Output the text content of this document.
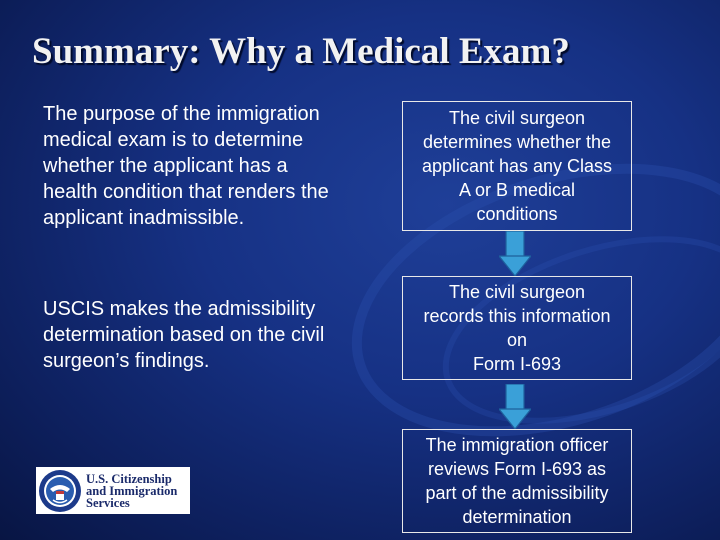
Summary: Why a Medical Exam?
The purpose of the immigration medical exam is to determine whether the applicant has a health condition that renders the applicant inadmissible.
USCIS makes the admissibility determination based on the civil surgeon’s findings.
The civil surgeon
determines whether the
applicant has any Class
A or B medical
conditions
The civil surgeon
records this information
on
Form I-693
The immigration officer
reviews Form I-693 as
part of the admissibility
determination
U.S. Citizenship
and Immigration
Services
